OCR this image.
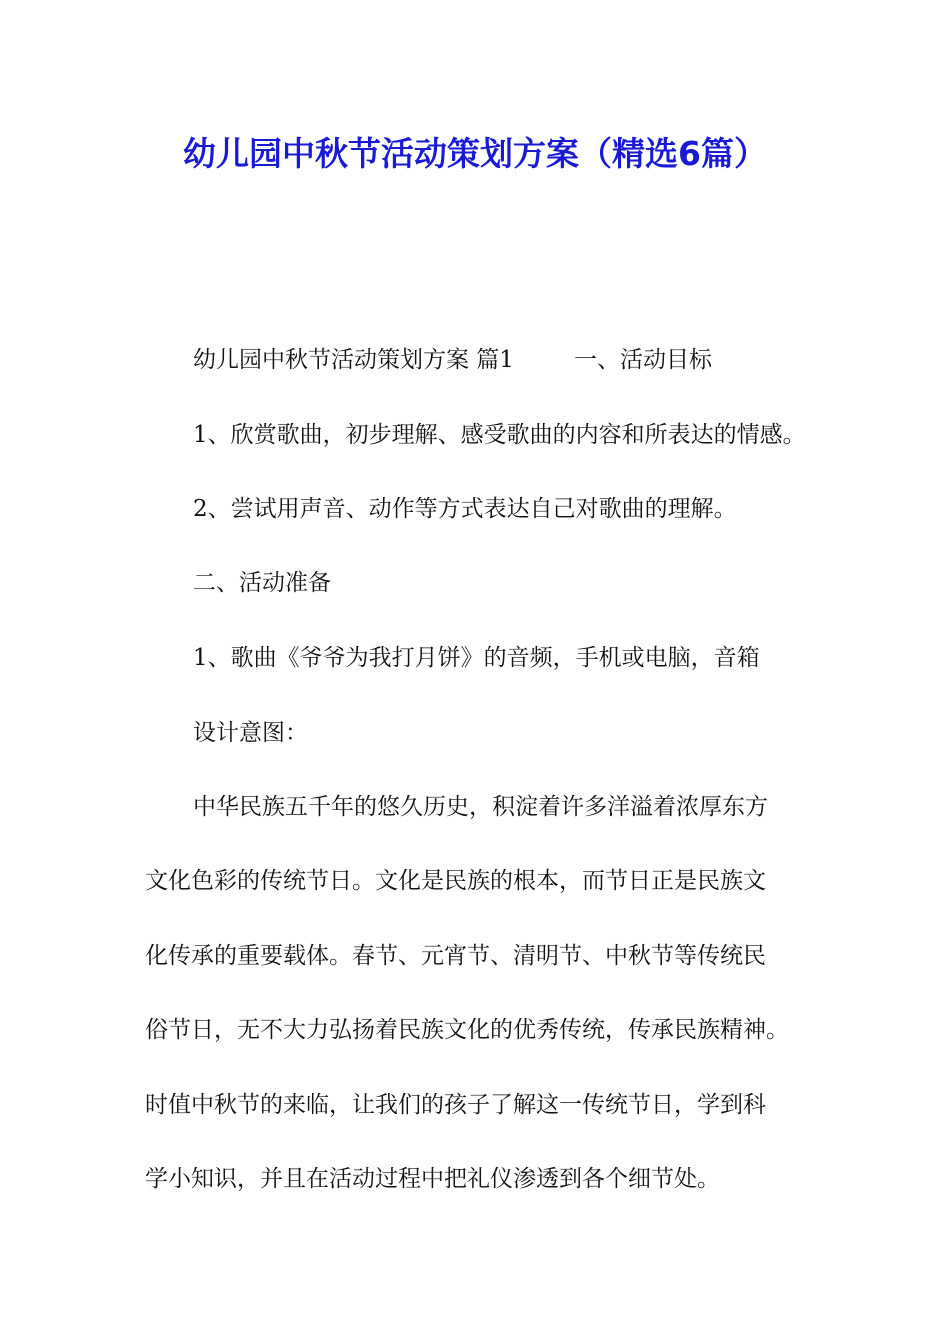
幼儿园中秋节活动策划方案（精选6篇）

幼儿园中秋节活动策划方案 篇1	一、活动目标

1、欣赏歌曲，初步理解、感受歌曲的内容和所表达的情感。

2、尝试用声音、动作等方式表达自己对歌曲的理解。

二、活动准备

1、歌曲《爷爷为我打月饼》的音频，手机或电脑，音箱

设计意图：

中华民族五千年的悠久历史，积淀着许多洋溢着浓厚东方

文化色彩的传统节日。文化是民族的根本，而节日正是民族文

化传承的重要载体。春节、元宵节、清明节、中秋节等传统民

俗节日，无不大力弘扬着民族文化的优秀传统，传承民族精神。

时值中秋节的来临，让我们的孩子了解这一传统节日，学到科

学小知识，并且在活动过程中把礼仪渗透到各个细节处。
